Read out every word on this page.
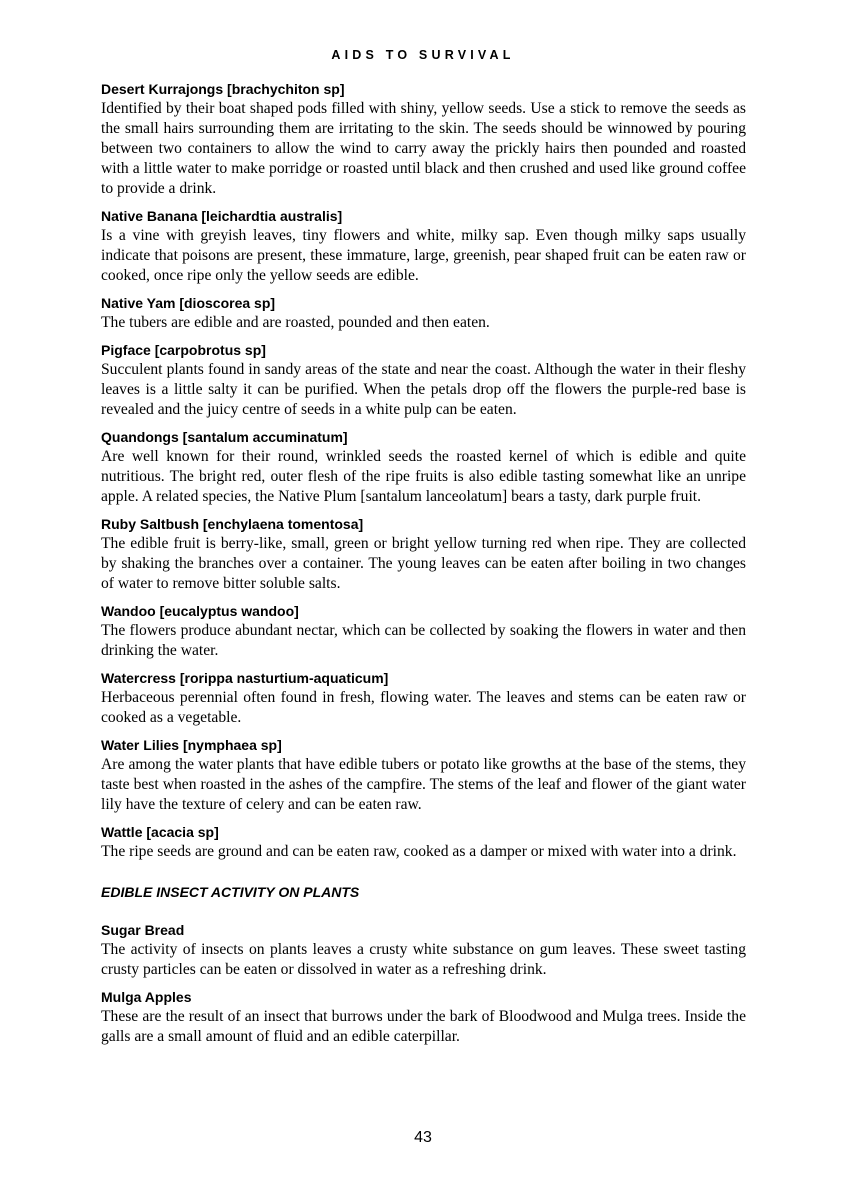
AIDS TO SURVIVAL

Desert Kurrajongs [brachychiton sp]

Identified by their boat shaped pods filled with shiny, yellow seeds. Use a stick to remove the seeds as the small hairs surrounding them are irritating to the skin. The seeds should be winnowed by pouring between two containers to allow the wind to carry away the prickly hairs then pounded and roasted with a little water to make porridge or roasted until black and then crushed and used like ground coffee to provide a drink.

Native Banana [leichardtia australis]

Is a vine with greyish leaves, tiny flowers and white, milky sap. Even though milky saps usually indicate that poisons are present, these immature, large, greenish, pear shaped fruit can be eaten raw or cooked, once ripe only the yellow seeds are edible.

Native Yam [dioscorea sp]

The tubers are edible and are roasted, pounded and then eaten.

Pigface [carpobrotus sp]

Succulent plants found in sandy areas of the state and near the coast. Although the water in their fleshy leaves is a little salty it can be purified. When the petals drop off the flowers the purple-red base is revealed and the juicy centre of seeds in a white pulp can be eaten.

Quandongs [santalum accuminatum]

Are well known for their round, wrinkled seeds the roasted kernel of which is edible and quite nutritious. The bright red, outer flesh of the ripe fruits is also edible tasting somewhat like an unripe apple. A related species, the Native Plum [santalum lanceolatum] bears a tasty, dark purple fruit.

Ruby Saltbush [enchylaena tomentosa]

The edible fruit is berry-like, small, green or bright yellow turning red when ripe. They are collected by shaking the branches over a container. The young leaves can be eaten after boiling in two changes of water to remove bitter soluble salts.

Wandoo [eucalyptus wandoo]

The flowers produce abundant nectar, which can be collected by soaking the flowers in water and then drinking the water.

Watercress [rorippa nasturtium-aquaticum]

Herbaceous perennial often found in fresh, flowing water. The leaves and stems can be eaten raw or cooked as a vegetable.

Water Lilies [nymphaea sp]

Are among the water plants that have edible tubers or potato like growths at the base of the stems, they taste best when roasted in the ashes of the campfire. The stems of the leaf and flower of the giant water lily have the texture of celery and can be eaten raw.

Wattle [acacia sp]

The ripe seeds are ground and can be eaten raw, cooked as a damper or mixed with water into a drink.

EDIBLE INSECT ACTIVITY ON PLANTS

Sugar Bread

The activity of insects on plants leaves a crusty white substance on gum leaves. These sweet tasting crusty particles can be eaten or dissolved in water as a refreshing drink.

Mulga Apples

These are the result of an insect that burrows under the bark of Bloodwood and Mulga trees. Inside the galls are a small amount of fluid and an edible caterpillar.

43
